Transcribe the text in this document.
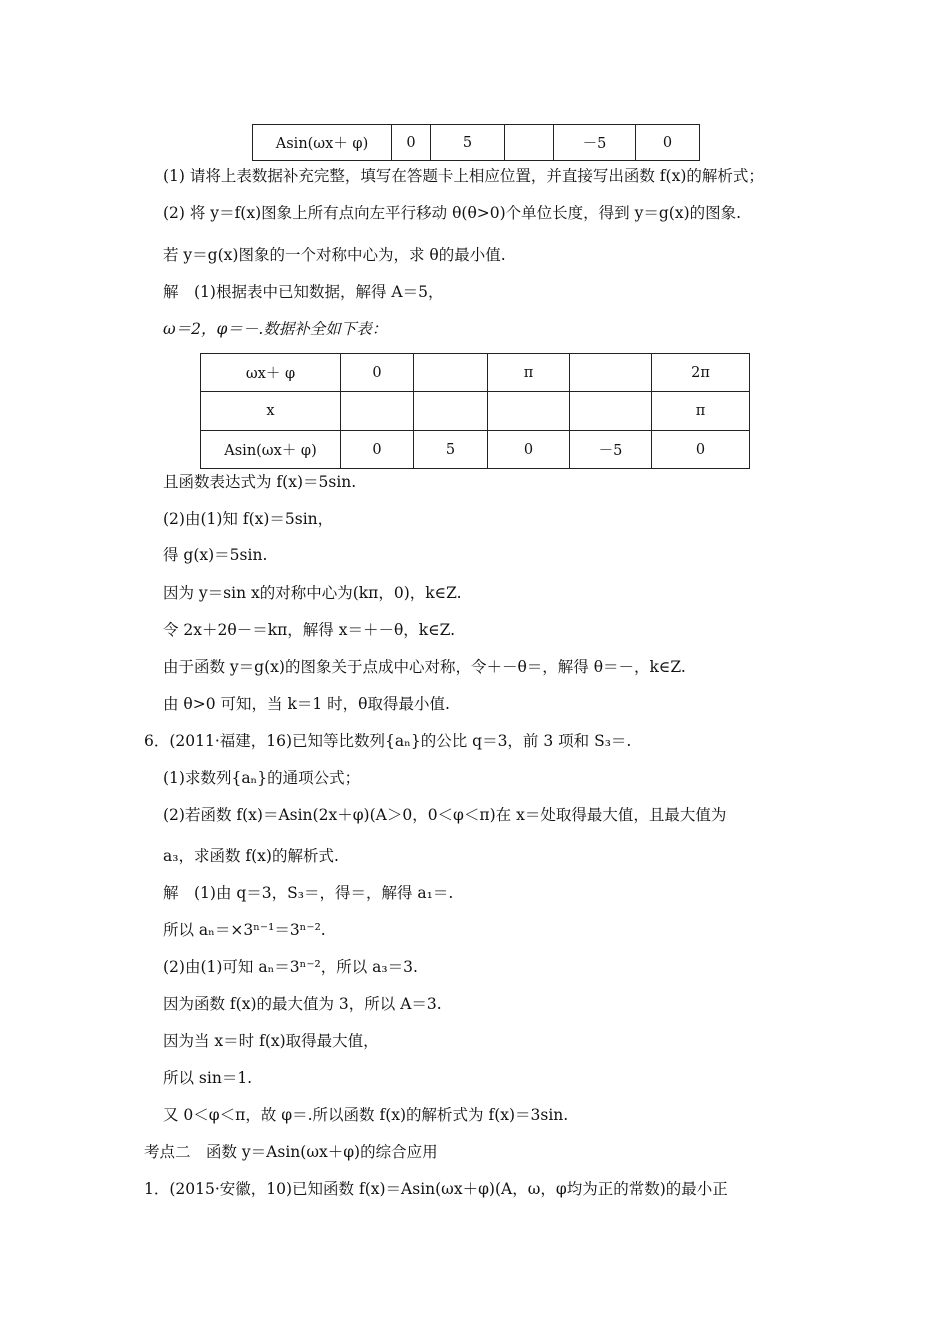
Asin(ωx＋ φ)	0	5		－5	0
(1) 请将上表数据补充完整，填写在答题卡上相应位置，并直接写出函数 f(x)的解析式；
(2) 将 y＝f(x)图象上所有点向左平行移动 θ(θ>0)个单位长度，得到 y＝g(x)的图象.
若 y＝g(x)图象的一个对称中心为，求 θ的最小值.
解　(1)根据表中已知数据，解得 A＝5，
ω＝2，φ＝－.数据补全如下表：
ωx＋ φ	0		π		2π
x					π
Asin(ωx＋ φ)	0	5	0	－5	0
且函数表达式为 f(x)＝5sin.
(2)由(1)知 f(x)＝5sin，
得 g(x)＝5sin.
因为 y＝sin x的对称中心为(kπ，0)，k∈Z.
令 2x＋2θ－＝kπ，解得 x＝＋－θ，k∈Z.
由于函数 y＝g(x)的图象关于点成中心对称，令＋－θ＝，解得 θ＝－，k∈Z.
由 θ>0 可知，当 k＝1 时，θ取得最小值.
6．(2011·福建，16)已知等比数列{aₙ}的公比 q＝3，前 3 项和 S₃＝.
(1)求数列{aₙ}的通项公式；
(2)若函数 f(x)＝Asin(2x＋φ)(A＞0，0＜φ＜π)在 x＝处取得最大值，且最大值为
a₃，求函数 f(x)的解析式.
解　(1)由 q＝3，S₃＝，得＝，解得 a₁＝.
所以 aₙ＝×3ⁿ⁻¹＝3ⁿ⁻².
(2)由(1)可知 aₙ＝3ⁿ⁻²，所以 a₃＝3.
因为函数 f(x)的最大值为 3，所以 A＝3.
因为当 x＝时 f(x)取得最大值，
所以 sin＝1.
又 0＜φ＜π，故 φ＝.所以函数 f(x)的解析式为 f(x)＝3sin.
考点二　函数 y＝Asin(ωx＋φ)的综合应用
1．(2015·安徽，10)已知函数 f(x)＝Asin(ωx＋φ)(A，ω，φ均为正的常数)的最小正
